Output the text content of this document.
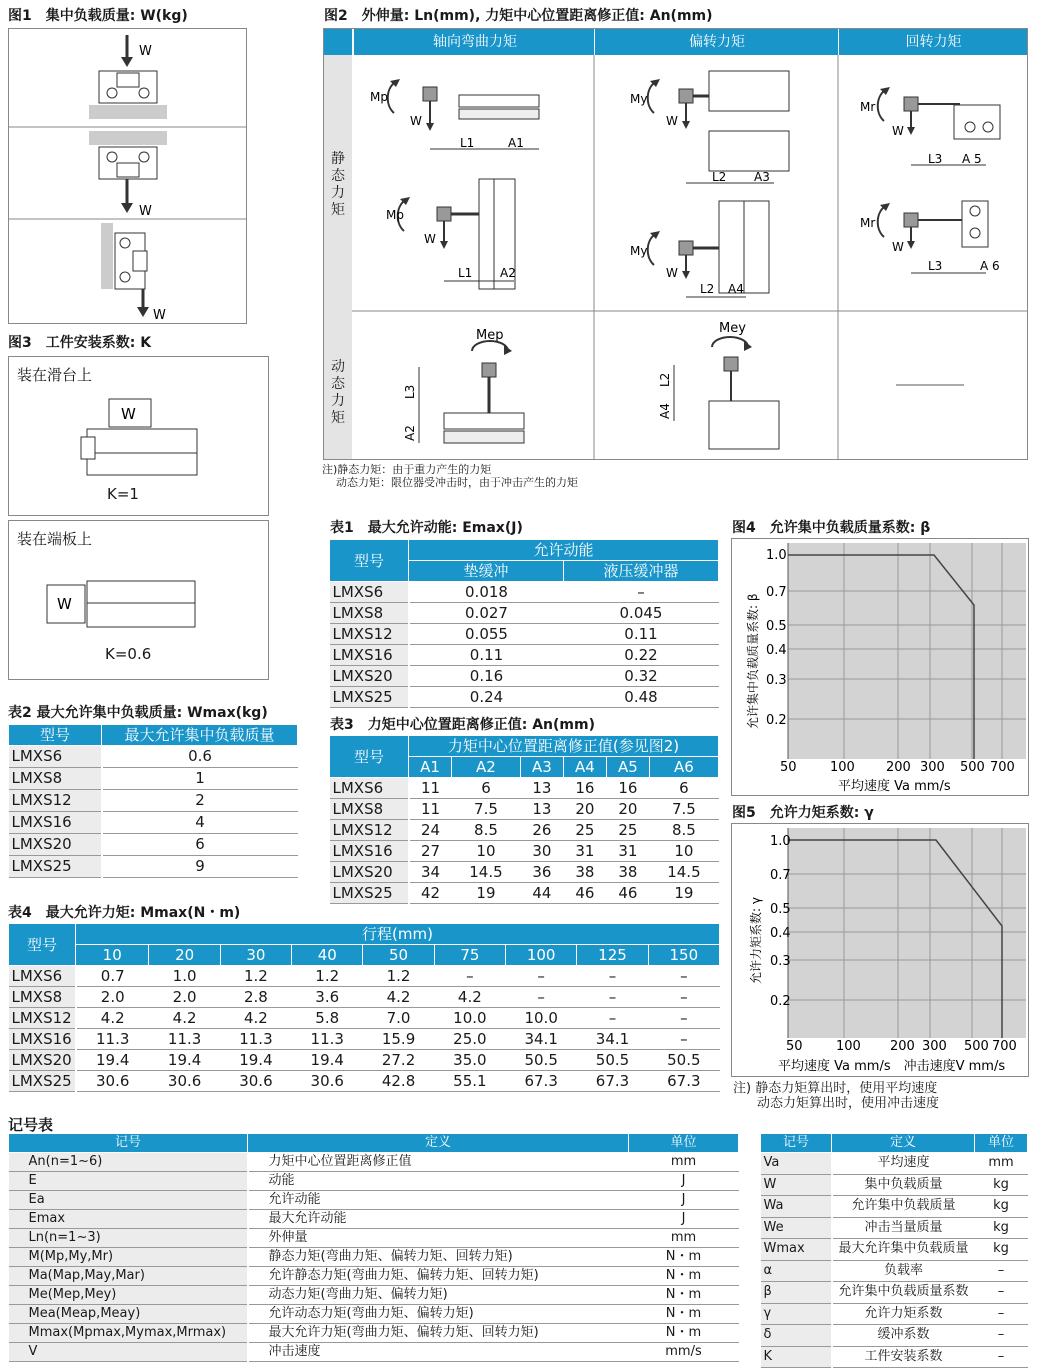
图1　集中负载质量: W(kg)
W
W
W
图3　工件安装系数: K
装在滑台上
W
K=1
装在端板上
W
K=0.6
图2　外伸量: Ln(mm), 力矩中心位置距离修正值: An(mm)
轴向弯曲力矩	偏转力矩	回转力矩
静态力矩
动态力矩
Mp
W
L1	A1
Mp
W
L1 A2
My
W
L2 A3
My
W
L2 A4
Mr
W
L3 A 5
Mr
W
L3	A 6
Mep
L3
A2
Mey
L2
A4
注)静态力矩：由于重力产生的力矩
动态力矩：限位器受冲击时，由于冲击产生的力矩
表1　最大允许动能: Emax(J)
型号	允许动能	
	垫缓冲	液压缓冲器
LMXS6	0.018	–
LMXS8	0.027	0.045
LMXS12	0.055	0.11
LMXS16	0.11	0.22
LMXS20	0.16	0.32
LMXS25	0.24	0.48
表2 最大允许集中负载质量: Wmax(kg)
型号	最大允许集中负载质量
LMXS6	0.6
LMXS8	1
LMXS12	2
LMXS16	4
LMXS20	6
LMXS25	9
表3　力矩中心位置距离修正值: An(mm)
型号	力矩中心位置距离修正值(参见图2)					
	A1	A2	A3	A4	A5	A6
LMXS6	11	6	13	16	16	6
LMXS8	11	7.5	13	20	20	7.5
LMXS12	24	8.5	26	25	25	8.5
LMXS16	27	10	30	31	31	10
LMXS20	34	14.5	36	38	38	14.5
LMXS25	42	19	44	46	46	19
表4　最大允许力矩: Mmax(N・m)
型号	行程(mm)								
	10	20	30	40	50	75	100	125	150
LMXS6	0.7	1.0	1.2	1.2	1.2	–	–	–	–
LMXS8	2.0	2.0	2.8	3.6	4.2	4.2	–	–	–
LMXS12	4.2	4.2	4.2	5.8	7.0	10.0	10.0	–	–
LMXS16	11.3	11.3	11.3	11.3	15.9	25.0	34.1	34.1	–
LMXS20	19.4	19.4	19.4	19.4	27.2	35.0	50.5	50.5	50.5
LMXS25	30.6	30.6	30.6	30.6	42.8	55.1	67.3	67.3	67.3
图4　允许集中负载质量系数: β
1.0
0.7
0.5
0.4
0.3
0.2
50	100 200 300 500 700
平均速度 Va mm/s
允许集中负载质量系数: β
图5　允许力矩系数: γ
1.0
0.7
0.5
0.4
0.3
0.2
50	100 200 300 500 700
平均速度 Va mm/s　冲击速度V mm/s
允许力矩系数: γ
注) 静态力矩算出时，使用平均速度
动态力矩算出时，使用冲击速度
记号表
记号	定义	单位
An(n=1~6)	力矩中心位置距离修正值	mm
E	动能	J
Ea	允许动能	J
Emax	最大允许动能	J
Ln(n=1~3)	外伸量	mm
M(Mp,My,Mr)	静态力矩(弯曲力矩、偏转力矩、回转力矩)	N・m
Ma(Map,May,Mar)	允许静态力矩(弯曲力矩、偏转力矩、回转力矩)	N・m
Me(Mep,Mey)	动态力矩(弯曲力矩、偏转力矩)	N・m
Mea(Meap,Meay)	允许动态力矩(弯曲力矩、偏转力矩)	N・m
Mmax(Mpmax,Mymax,Mrmax)	最大允许力矩(弯曲力矩、偏转力矩、回转力矩)	N・m
V	冲击速度	mm/s
记号	定义	单位
Va	平均速度	mm
W	集中负载质量	kg
Wa	允许集中负载质量	kg
We	冲击当量质量	kg
Wmax	最大允许集中负载质量	kg
α	负载率	–
β	允许集中负载质量系数	–
γ	允许力矩系数	–
δ	缓冲系数	–
K	工件安装系数	–
